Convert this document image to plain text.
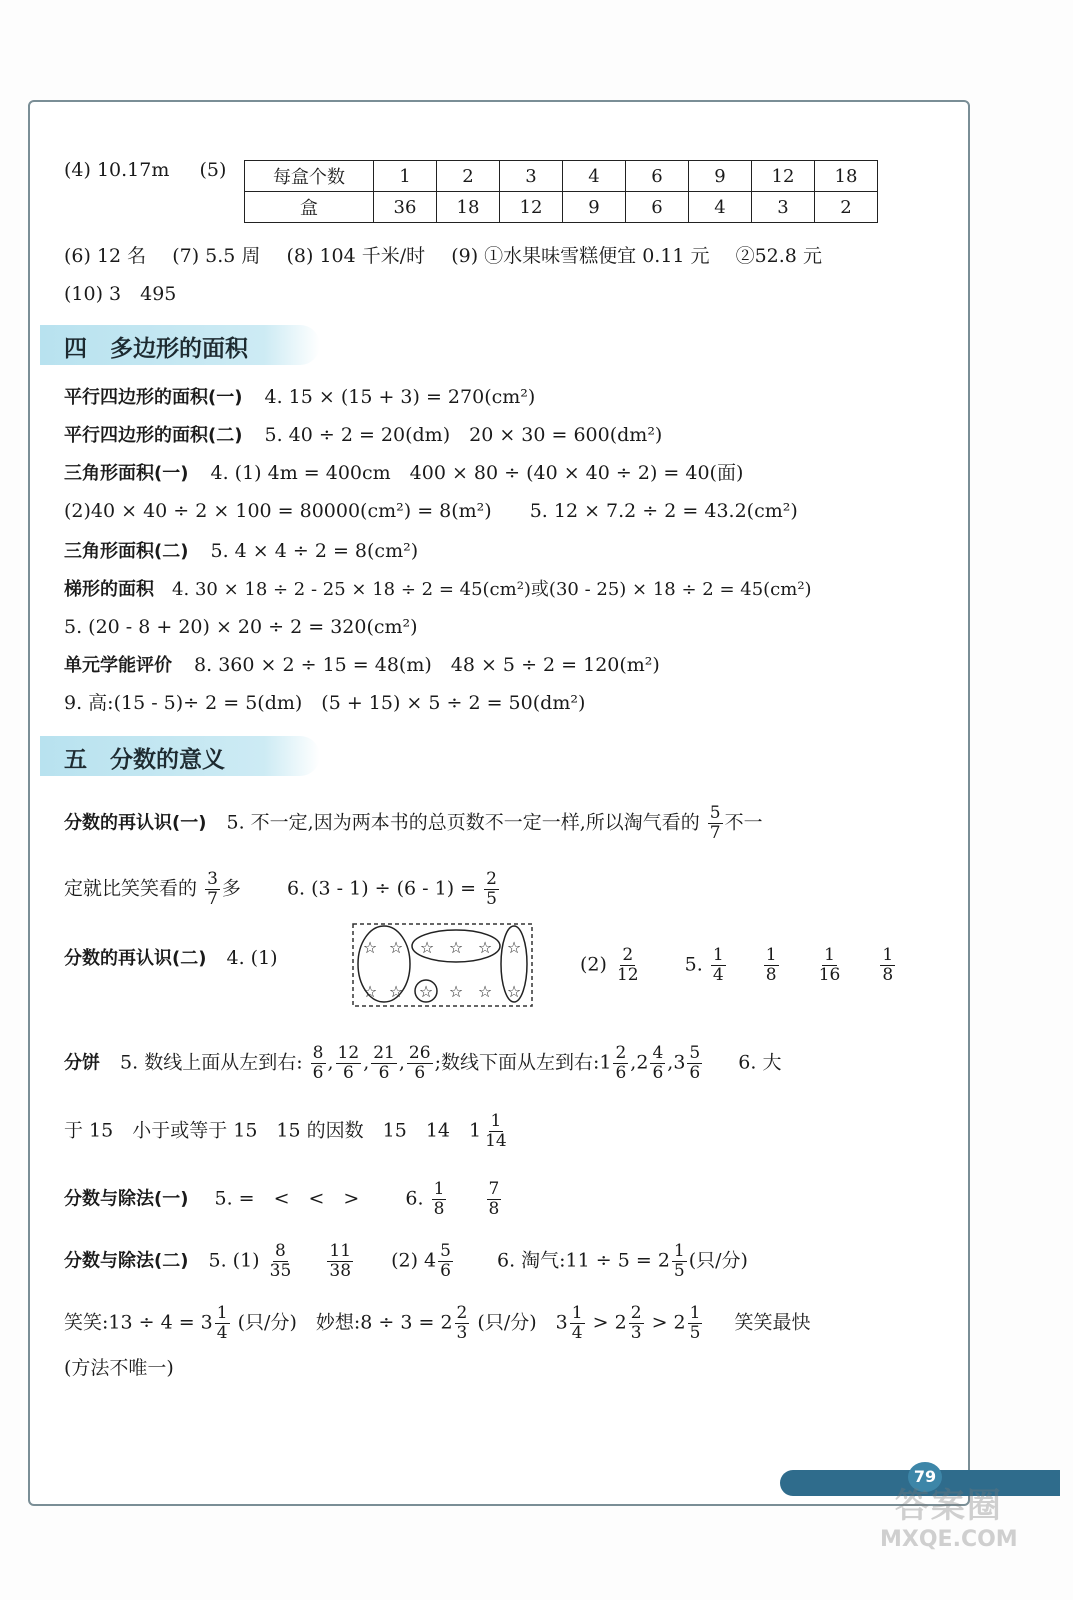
(4) 10.17m (5)	每盒个数	1	2	3	4	6	9	12	18
盒	36	18	12	9	6	4	3	2
(6) 12 名 (7) 5.5 周 (8) 104 千米/时 (9) ①水果味雪糕便宜 0.11 元 ②52.8 元
(10) 3　495
四　多边形的面积
平行四边形的面积(一) 4. 15 × (15 + 3) = 270(cm²)
平行四边形的面积(二) 5. 40 ÷ 2 = 20(dm)　20 × 30 = 600(dm²)
三角形面积(一) 4. (1) 4m = 400cm　400 × 80 ÷ (40 × 40 ÷ 2) = 40(面)
(2)40 × 40 ÷ 2 × 100 = 80000(cm²) = 8(m²)　　5. 12 × 7.2 ÷ 2 = 43.2(cm²)
三角形面积(二) 5. 4 × 4 ÷ 2 = 8(cm²)
梯形的面积 4. 30 × 18 ÷ 2 - 25 × 18 ÷ 2 = 45(cm²)或(30 - 25) × 18 ÷ 2 = 45(cm²)
5. (20 - 8 + 20) × 20 ÷ 2 = 320(cm²)
单元学能评价 8. 360 × 2 ÷ 15 = 48(m)　48 × 5 ÷ 2 = 120(m²)
9. 高:(15 - 5)÷ 2 = 5(dm)　(5 + 15) × 5 ÷ 2 = 50(dm²)
五　分数的意义
分数的再认识(一) 5. 不一定,因为两本书的总页数不一定一样,所以淘气看的 $\frac{5}{7}$ 不一
定就比笑笑看的 $\frac{3}{7}$ 多 6. $(3 - 1) \div (6 - 1) = \frac{2}{5}$
分数的再认识(二) 4. (1)	☆ ☆ ☆ ☆ ☆ ☆
☆ ☆ ☆ ☆ ☆ ☆
$(2) \frac{2}{12} 5$. $\frac{1}{4}$
$\frac{1}{8}$
$\frac{1}{16}$
$\frac{1}{8}$
分饼 5. 数线上面从左到右: $\frac{8}{6}$ , $\frac{12}{6}$ , $\frac{21}{6}$ , $\frac{26}{6}$ ;数线下面从左到右:1 $\frac{2}{6} ,2 \frac{4}{6} ,3 \frac{5}{6} 6$. 大
于 15　小于或等于 15　15 的因数　15　14　$1 \frac{1}{14}$
分数与除法(一) 5. =　<　<　> 6. $\frac{1}{8}$
$\frac{7}{8}$
分数与除法(二) 5. $(1) \frac{8}{35}$
$\frac{11}{38} (2)$ $4 \frac{5}{6} 6$. 淘气:11 ÷ $5 = 2 \frac{1}{5}$ (只/分)
笑笑:13 ÷ $4 = 3 \frac{1}{4}$ (只/分)　妙想:8 ÷ $3 = 2 \frac{2}{3}$ (只/分)　$3 \frac{1}{4} > 2 \frac{2}{3} > 2 \frac{1}{5}$ 笑笑最快
(方法不唯一)
79
答案圈
MXQE.COM
